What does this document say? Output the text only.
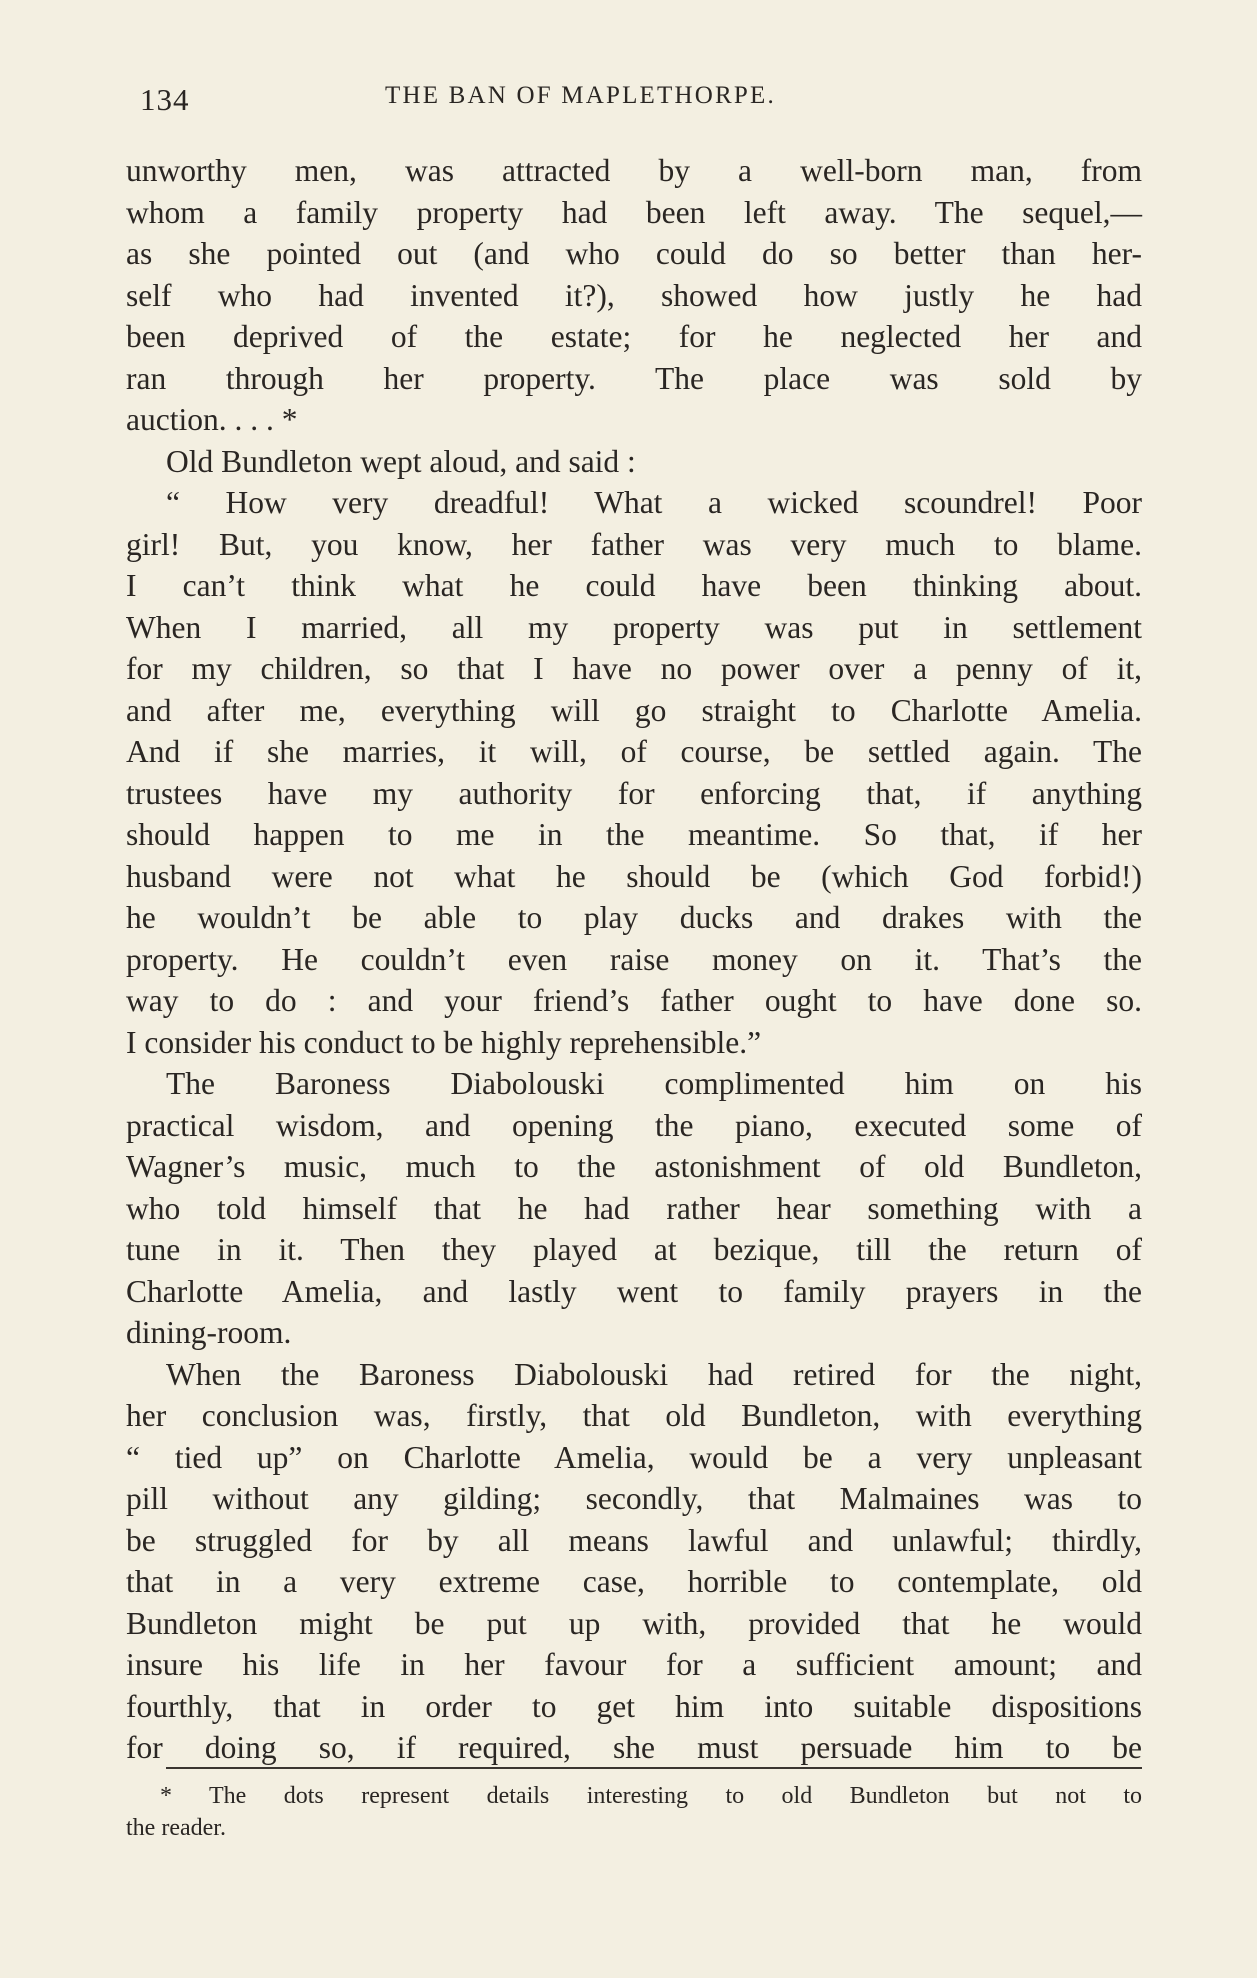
134	THE BAN OF MAPLETHORPE.
unworthy men, was attracted by a well-born man, from
whom a family property had been left away. The sequel,—
as she pointed out (and who could do so better than her-
self who had invented it?), showed how justly he had
been deprived of the estate; for he neglected her and
ran through her property. The place was sold by
auction. . . . *
Old Bundleton wept aloud, and said :
“ How very dreadful! What a wicked scoundrel! Poor
girl! But, you know, her father was very much to blame.
I can’t think what he could have been thinking about.
When I married, all my property was put in settlement
for my children, so that I have no power over a penny of it,
and after me, everything will go straight to Charlotte Amelia.
And if she marries, it will, of course, be settled again. The
trustees have my authority for enforcing that, if anything
should happen to me in the meantime. So that, if her
husband were not what he should be (which God forbid!)
he wouldn’t be able to play ducks and drakes with the
property. He couldn’t even raise money on it. That’s the
way to do : and your friend’s father ought to have done so.
I consider his conduct to be highly reprehensible.”
The Baroness Diabolouski complimented him on his
practical wisdom, and opening the piano, executed some of
Wagner’s music, much to the astonishment of old Bundleton,
who told himself that he had rather hear something with a
tune in it. Then they played at bezique, till the return of
Charlotte Amelia, and lastly went to family prayers in the
dining-room.
When the Baroness Diabolouski had retired for the night,
her conclusion was, firstly, that old Bundleton, with everything
“ tied up” on Charlotte Amelia, would be a very unpleasant
pill without any gilding; secondly, that Malmaines was to
be struggled for by all means lawful and unlawful; thirdly,
that in a very extreme case, horrible to contemplate, old
Bundleton might be put up with, provided that he would
insure his life in her favour for a sufficient amount; and
fourthly, that in order to get him into suitable dispositions
for doing so, if required, she must persuade him to be
* The dots represent details interesting to old Bundleton but not to
the reader.
